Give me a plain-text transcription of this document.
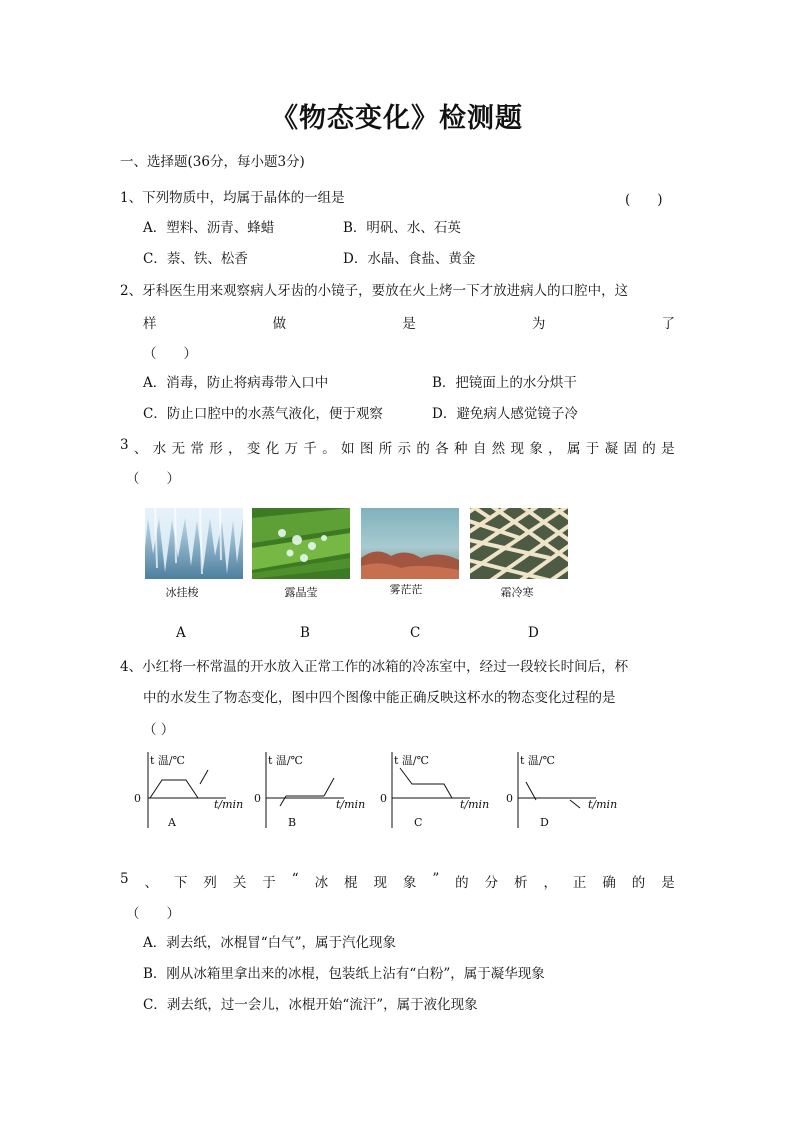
《物态变化》检测题
一、选择题(36分，每小题3分)
1、下列物质中，均属于晶体的一组是	(　　)
A．塑料、沥青、蜂蜡	B．明矾、水、石英
C．萘、铁、松香	D．水晶、食盐、黄金
2、牙科医生用来观察病人牙齿的小镜子，要放在火上烤一下才放进病人的口腔中，这
样	做	是	为	了
（　　）
A．消毒，防止将病毒带入口中	B．把镜面上的水分烘干
C．防止口腔中的水蒸气液化，便于观察	D．避免病人感觉镜子冷
3 、 水 无 常 形 ， 变 化 万 千 。 如 图 所 示 的 各 种 自 然 现 象 ， 属 于 凝 固 的 是
（　　）
冰挂梭	露晶莹	雾茫茫	霜冷寒
A	B	C	D
4、小红将一杯常温的开水放入正常工作的冰箱的冷冻室中，经过一段较长时间后，杯
中的水发生了物态变化，图中四个图像中能正确反映这杯水的物态变化过程的是
（ ）
t 温/℃
0	t/min
A
t 温/℃
0	t/min
B
t 温/℃
0	t/min
C
t 温/℃
0	t/min
D
5 、 下 列 关 于 “ 冰 棍 现 象 ” 的 分 析 ， 正 确 的 是
（　　）
A．剥去纸，冰棍冒“白气”，属于汽化现象
B．刚从冰箱里拿出来的冰棍，包装纸上沾有“白粉”，属于凝华现象
C．剥去纸，过一会儿，冰棍开始“流汗”，属于液化现象
